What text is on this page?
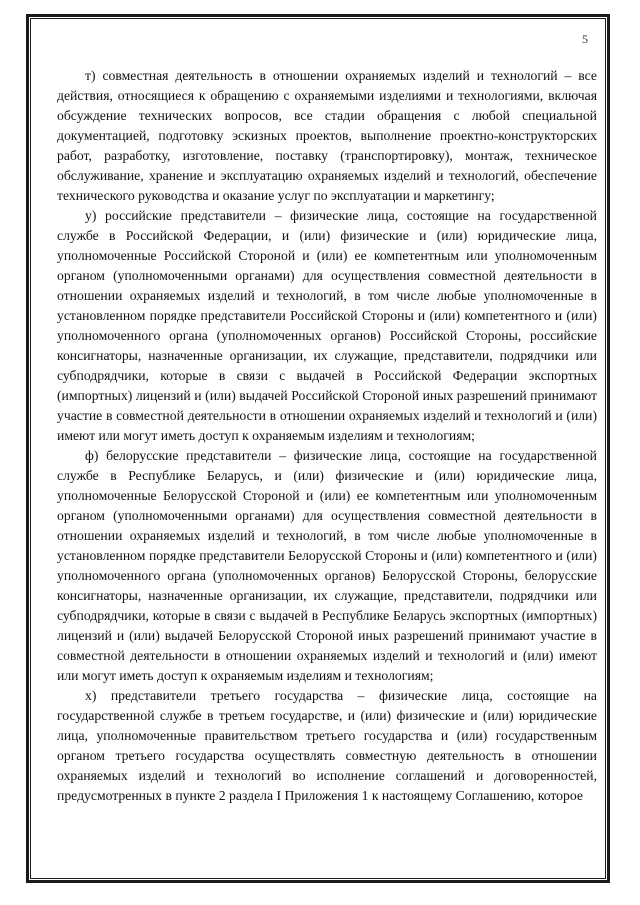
5

т) совместная деятельность в отношении охраняемых изделий и технологий – все действия, относящиеся к обращению с охраняемыми изделиями и технологиями, включая обсуждение технических вопросов, все стадии обращения с любой специальной документацией, подготовку эскизных проектов, выполнение проектно-конструкторских работ, разработку, изготовление, поставку (транспортировку), монтаж, техническое обслуживание, хранение и эксплуатацию охраняемых изделий и технологий, обеспечение технического руководства и оказание услуг по эксплуатации и маркетингу;

у) российские представители – физические лица, состоящие на государственной службе в Российской Федерации, и (или) физические и (или) юридические лица, уполномоченные Российской Стороной и (или) ее компетентным или уполномоченным органом (уполномоченными органами) для осуществления совместной деятельности в отношении охраняемых изделий и технологий, в том числе любые уполномоченные в установленном порядке представители Российской Стороны и (или) компетентного и (или) уполномоченного органа (уполномоченных органов) Российской Стороны, российские консигнаторы, назначенные организации, их служащие, представители, подрядчики или субподрядчики, которые в связи с выдачей в Российской Федерации экспортных (импортных) лицензий и (или) выдачей Российской Стороной иных разрешений принимают участие в совместной деятельности в отношении охраняемых изделий и технологий и (или) имеют или могут иметь доступ к охраняемым изделиям и технологиям;

ф) белорусские представители – физические лица, состоящие на государственной службе в Республике Беларусь, и (или) физические и (или) юридические лица, уполномоченные Белорусской Стороной и (или) ее компетентным или уполномоченным органом (уполномоченными органами) для осуществления совместной деятельности в отношении охраняемых изделий и технологий, в том числе любые уполномоченные в установленном порядке представители Белорусской Стороны и (или) компетентного и (или) уполномоченного органа (уполномоченных органов) Белорусской Стороны, белорусские консигнаторы, назначенные организации, их служащие, представители, подрядчики или субподрядчики, которые в связи с выдачей в Республике Беларусь экспортных (импортных) лицензий и (или) выдачей Белорусской Стороной иных разрешений принимают участие в совместной деятельности в отношении охраняемых изделий и технологий и (или) имеют или могут иметь доступ к охраняемым изделиям и технологиям;

х) представители третьего государства – физические лица, состоящие на государственной службе в третьем государстве, и (или) физические и (или) юридические лица, уполномоченные правительством третьего государства и (или) государственным органом третьего государства осуществлять совместную деятельность в отношении охраняемых изделий и технологий во исполнение соглашений и договоренностей, предусмотренных в пункте 2 раздела I Приложения 1 к настоящему Соглашению, которое
